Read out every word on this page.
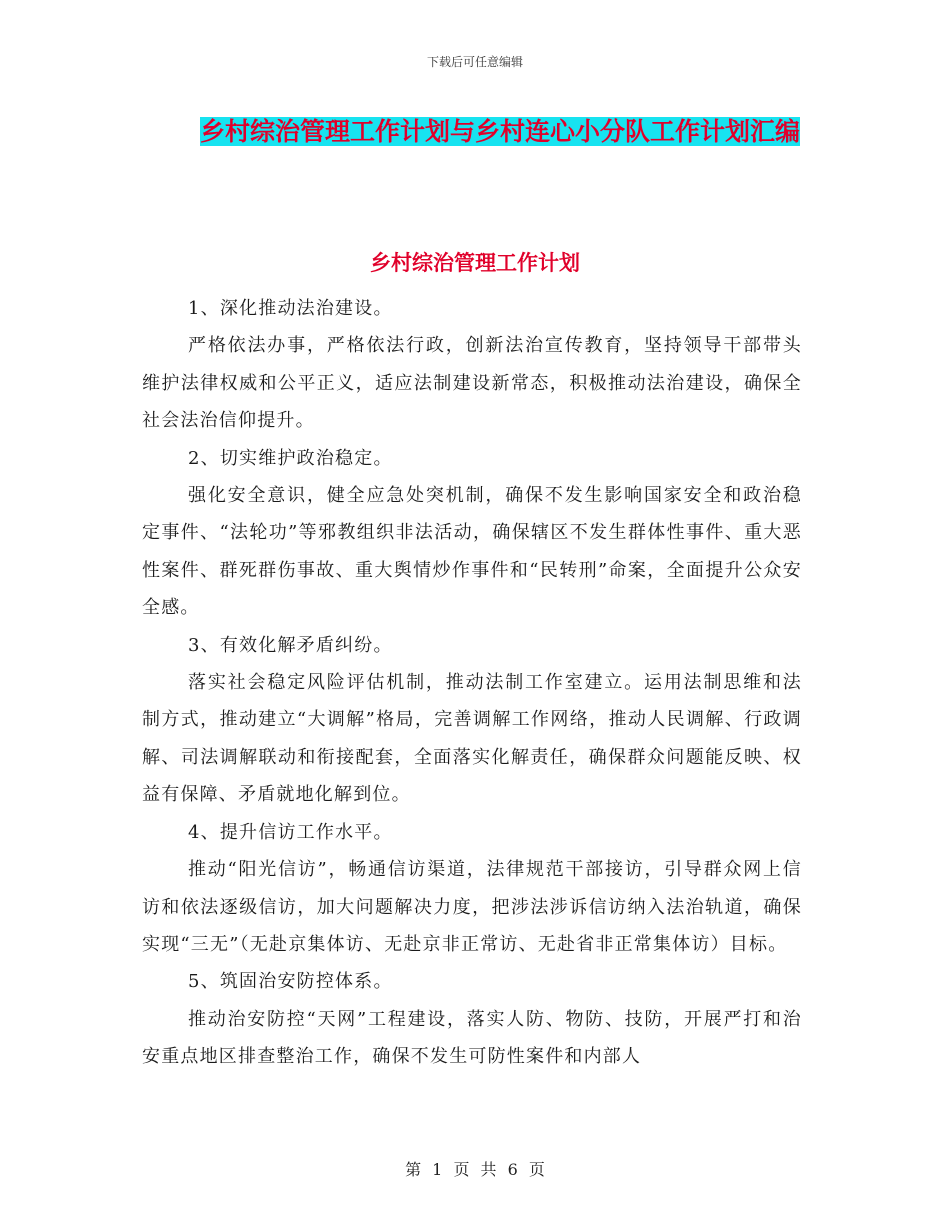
下载后可任意编辑
乡村综治管理工作计划与乡村连心小分队工作计划汇编
乡村综治管理工作计划

1、深化推动法治建设。

严格依法办事，严格依法行政，创新法治宣传教育，坚持领导干部带头维护法律权威和公平正义，适应法制建设新常态，积极推动法治建设，确保全社会法治信仰提升。

2、切实维护政治稳定。

强化安全意识，健全应急处突机制，确保不发生影响国家安全和政治稳定事件、“法轮功”等邪教组织非法活动，确保辖区不发生群体性事件、重大恶性案件、群死群伤事故、重大舆情炒作事件和“民转刑”命案，全面提升公众安全感。

3、有效化解矛盾纠纷。

落实社会稳定风险评估机制，推动法制工作室建立。运用法制思维和法制方式，推动建立“大调解”格局，完善调解工作网络，推动人民调解、行政调解、司法调解联动和衔接配套，全面落实化解责任，确保群众问题能反映、权益有保障、矛盾就地化解到位。

4、提升信访工作水平。

推动“阳光信访”，畅通信访渠道，法律规范干部接访，引导群众网上信访和依法逐级信访，加大问题解决力度，把涉法涉诉信访纳入法治轨道，确保实现“三无”（无赴京集体访、无赴京非正常访、无赴省非正常集体访）目标。

5、筑固治安防控体系。

推动治安防控“天网”工程建设，落实人防、物防、技防，开展严打和治安重点地区排查整治工作，确保不发生可防性案件和内部人

第 1 页 共 6 页
